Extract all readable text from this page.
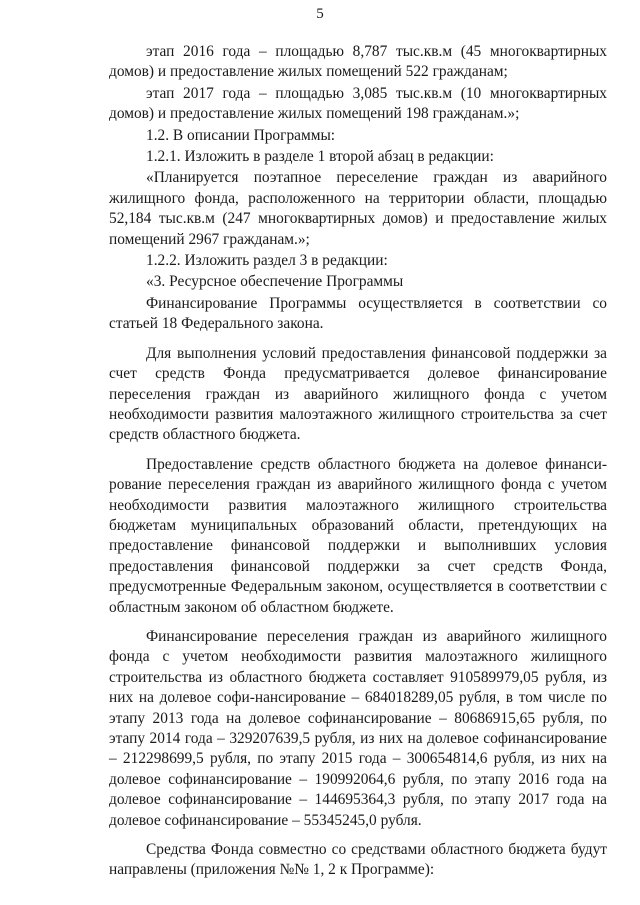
5

этап 2016 года – площадью 8,787 тыс.кв.м (45 многоквартирных домов) и предоставление жилых помещений 522 гражданам;

этап 2017 года – площадью 3,085 тыс.кв.м (10 многоквартирных домов) и предоставление жилых помещений 198 гражданам.»;

1.2. В описании Программы:

1.2.1. Изложить в разделе 1 второй абзац в редакции:

«Планируется поэтапное переселение граждан из аварийного жилищного фонда, расположенного на территории области, площадью 52,184 тыс.кв.м (247 многоквартирных домов) и предоставление жилых помещений 2967 гражданам.»;

1.2.2. Изложить раздел 3 в редакции:

«3. Ресурсное обеспечение Программы

Финансирование Программы осуществляется в соответствии со статьей 18 Федерального закона.

Для выполнения условий предоставления финансовой поддержки за счет средств Фонда предусматривается долевое финансирование переселения граждан из аварийного жилищного фонда с учетом необходимости развития малоэтажного жилищного строительства за счет средств областного бюджета.

Предоставление средств областного бюджета на долевое финанси-рование переселения граждан из аварийного жилищного фонда с учетом необходимости развития малоэтажного жилищного строительства бюджетам муниципальных образований области, претендующих на предоставление финансовой поддержки и выполнивших условия предоставления финансовой поддержки за счет средств Фонда, предусмотренные Федеральным законом, осуществляется в соответствии с областным законом об областном бюджете.

Финансирование переселения граждан из аварийного жилищного фонда с учетом необходимости развития малоэтажного жилищного строительства из областного бюджета составляет 910589979,05 рубля, из них на долевое софи-нансирование – 684018289,05 рубля, в том числе по этапу 2013 года на долевое софинансирование – 80686915,65 рубля, по этапу 2014 года – 329207639,5 рубля, из них на долевое софинансирование – 212298699,5 рубля, по этапу 2015 года – 300654814,6 рубля, из них на долевое софинансирование – 190992064,6 рубля, по этапу 2016 года на долевое софинансирование – 144695364,3 рубля, по этапу 2017 года на долевое софинансирование – 55345245,0 рубля.

Средства Фонда совместно со средствами областного бюджета будут направлены (приложения №№ 1, 2 к Программе):
